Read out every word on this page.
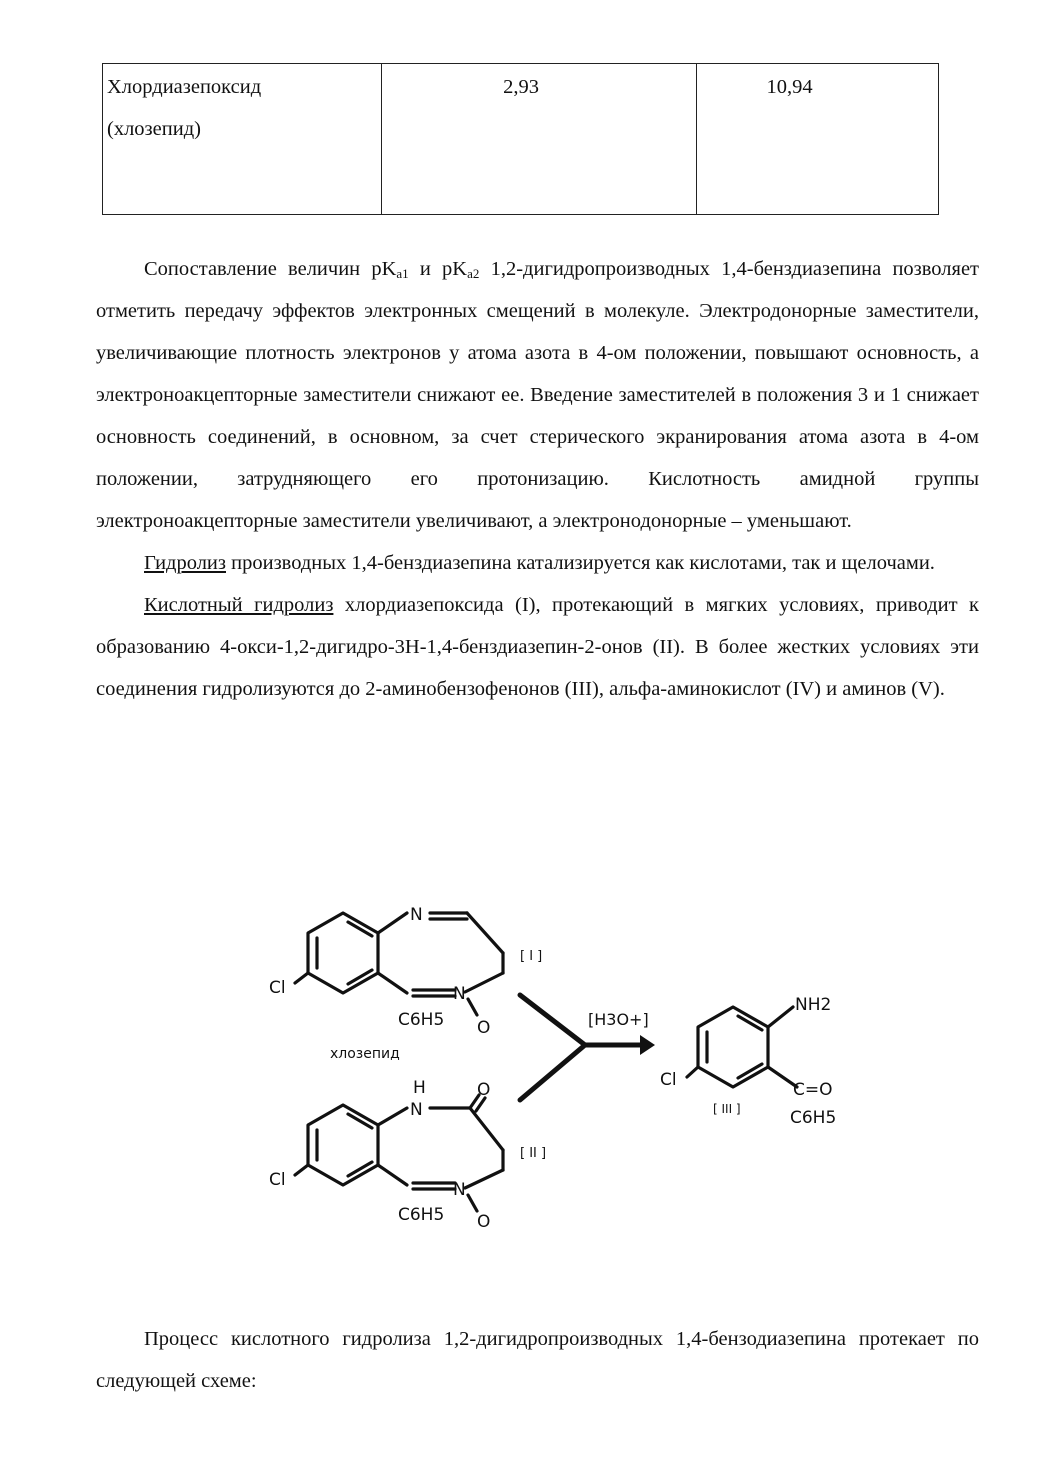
Хлордиазепоксид
(хлозепид)	2,93	10,94

Сопоставление величин $pK_{a1}$ и $pK_{a2}$ 1,2-дигидропроизводных 1,4-бенздиазепина позволяет отметить передачу эффектов электронных смещений в молекуле. Электродонорные заместители, увеличивающие плотность электронов у атома азота в 4-ом положении, повышают основность, а электроноакцепторные заместители снижают ее. Введение заместителей в положения 3 и 1 снижает основность соединений, в основном, за счет стерического экранирования атома азота в 4-ом положении, затрудняющего его протонизацию. Кислотность амидной группы электроноакцепторные заместители увеличивают, а электронодонорные – уменьшают.

Гидролиз производных 1,4-бенздиазепина катализируется как кислотами, так и щелочами.

Кислотный гидролиз хлордиазепоксида (I), протекающий в мягких условиях, приводит к образованию 4-окси-1,2-дигидро-3H-1,4-бенздиазепин-2-онов (II). В более жестких условиях эти соединения гидролизуются до 2-аминобензофенонов (III), альфа-аминокислот (IV) и аминов (V).

Cl
N
N
O
C6H5
[ I ]
хлозепид
Cl
H
N
O
N
O
C6H5
[ II ]
[H3O+]
Cl
NH2
C=O
C6H5
[ III ]

Процесс кислотного гидролиза 1,2-дигидропроизводных 1,4-бензодиазепина протекает по следующей схеме:
